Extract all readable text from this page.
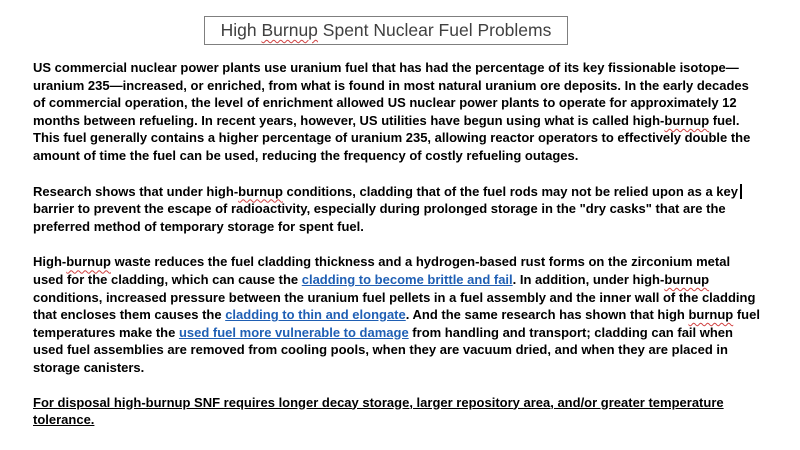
High Burnup Spent Nuclear Fuel Problems

US commercial nuclear power plants use uranium fuel that has had the percentage of its key fissionable isotope—uranium 235—increased, or enriched, from what is found in most natural uranium ore deposits. In the early decades of commercial operation, the level of enrichment allowed US nuclear power plants to operate for approximately 12 months between refueling. In recent years, however, US utilities have begun using what is called high-burnup fuel. This fuel generally contains a higher percentage of uranium 235, allowing reactor operators to effectively double the amount of time the fuel can be used, reducing the frequency of costly refueling outages.

Research shows that under high-burnup conditions, cladding that of the fuel rods may not be relied upon as a key barrier to prevent the escape of radioactivity, especially during prolonged storage in the "dry casks" that are the preferred method of temporary storage for spent fuel.

High-burnup waste reduces the fuel cladding thickness and a hydrogen-based rust forms on the zirconium metal used for the cladding, which can cause the cladding to become brittle and fail. In addition, under high-burnup conditions, increased pressure between the uranium fuel pellets in a fuel assembly and the inner wall of the cladding that encloses them causes the cladding to thin and elongate. And the same research has shown that high burnup fuel temperatures make the used fuel more vulnerable to damage from handling and transport; cladding can fail when used fuel assemblies are removed from cooling pools, when they are vacuum dried, and when they are placed in storage canisters.

For disposal high-burnup SNF requires longer decay storage, larger repository area, and/or greater temperature tolerance.
